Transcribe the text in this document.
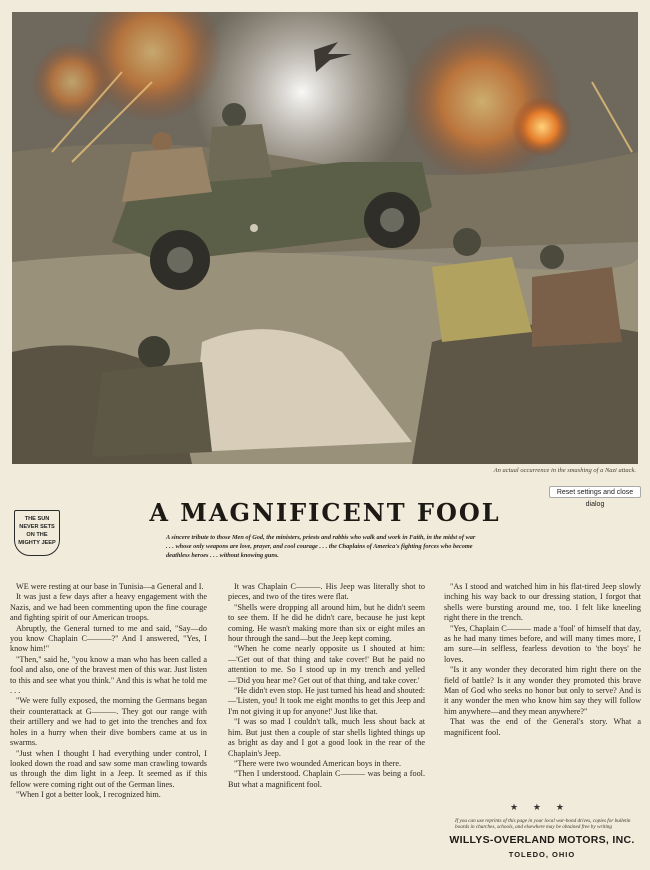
An actual occurrence in the smashing of a Nazi attack.
Reset settings and close dialog
THE SUN
NEVER SETS
ON THE
MIGHTY JEEP
A MAGNIFICENT FOOL
A sincere tribute to those Men of God, the ministers, priests and rabbis who walk and work in Faith, in the midst of war . . . whose only weapons are love, prayer, and cool courage . . . the Chaplains of America's fighting forces who become deathless heroes . . . without knowing guns.

WE were resting at our base in Tunisia—a General and I.

It was just a few days after a heavy engagement with the Nazis, and we had been commenting upon the fine courage and fighting spirit of our American troops.

Abruptly, the General turned to me and said, "Say—do you know Chaplain C———?" And I answered, "Yes, I know him!"

"Then," said he, "you know a man who has been called a fool and also, one of the bravest men of this war. Just listen to this and see what you think." And this is what he told me . . .

"We were fully exposed, the morning the Germans began their counterattack at G———. They got our range with their artillery and we had to get into the trenches and fox holes in a hurry when their dive bombers came at us in swarms.

"Just when I thought I had everything under control, I looked down the road and saw some man crawling towards us through the dim light in a Jeep. It seemed as if this fellow were coming right out of the German lines.

"When I got a better look, I recognized him.

It was Chaplain C———. His Jeep was literally shot to pieces, and two of the tires were flat.

"Shells were dropping all around him, but he didn't seem to see them. If he did he didn't care, because he just kept coming. He wasn't making more than six or eight miles an hour through the sand—but the Jeep kept coming.

"When he come nearly opposite us I shouted at him:—'Get out of that thing and take cover!' But he paid no attention to me. So I stood up in my trench and yelled—'Did you hear me? Get out of that thing, and take cover.'

"He didn't even stop. He just turned his head and shouted:—'Listen, you! It took me eight months to get this Jeep and I'm not giving it up for anyone!' Just like that.

"I was so mad I couldn't talk, much less shout back at him. But just then a couple of star shells lighted things up as bright as day and I got a good look in the rear of the Chaplain's Jeep.

"There were two wounded American boys in there.

"Then I understood. Chaplain C——— was being a fool. But what a magnificent fool.

"As I stood and watched him in his flat-tired Jeep slowly inching his way back to our dressing station, I forgot that shells were bursting around me, too. I felt like kneeling right there in the trench.

"Yes, Chaplain C——— made a 'fool' of himself that day, as he had many times before, and will many times more, I am sure—in selfless, fearless devotion to 'the boys' he loves.

"Is it any wonder they decorated him right there on the field of battle? Is it any wonder they promoted this brave Man of God who seeks no honor but only to serve? And is it any wonder the men who know him say they will follow him anywhere—and they mean anywhere?"

That was the end of the General's story. What a magnificent fool.

★ ★ ★
If you can use reprints of this page in your local war-bond drives, copies for bulletin boards in churches, schools, and elsewhere may be obtained free by writing
WILLYS-OVERLAND MOTORS, INC.
TOLEDO, OHIO
